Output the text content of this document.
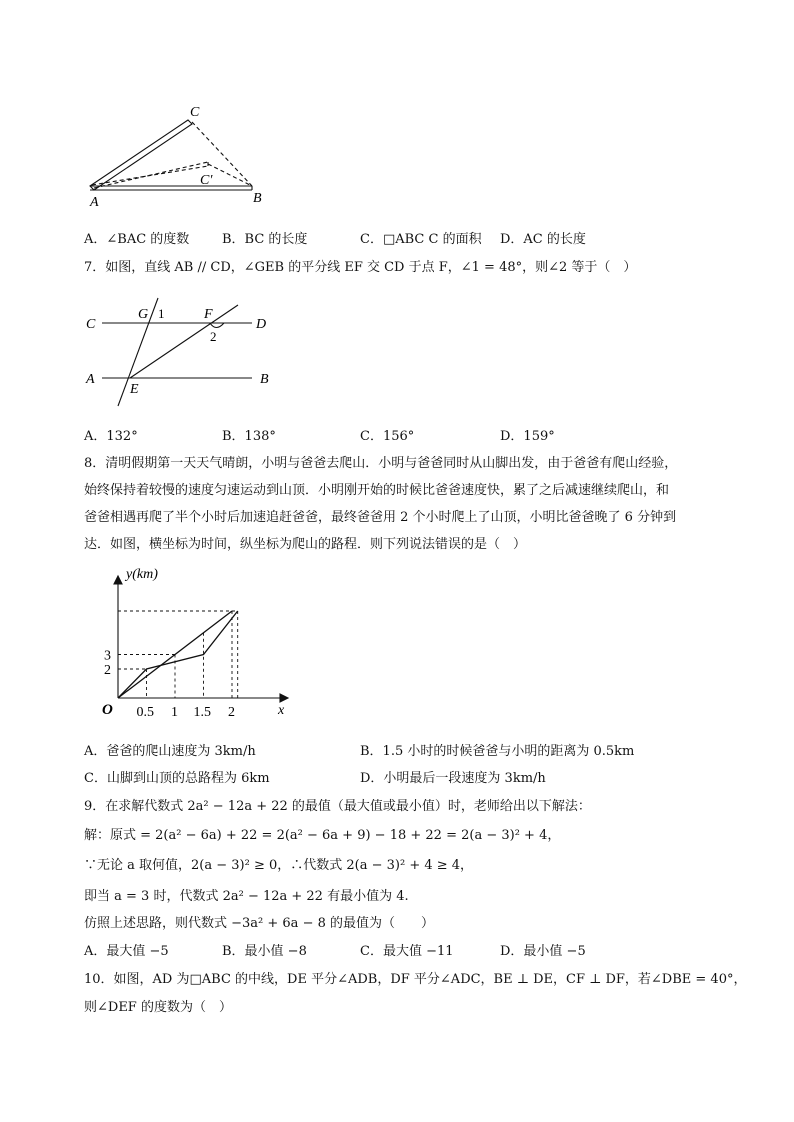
C
C′
A	B
A．∠BAC 的度数	B．BC 的长度	C．□ABC C 的面积 D．AC 的长度
7．如图，直线 AB // CD，∠GEB 的平分线 EF 交 CD 于点 F，∠1 = 48°，则∠2 等于（　）
C
G 1	F
D
2
A
E
B
A．132°	B．138°	C．156°	D．159°
8．清明假期第一天天气晴朗，小明与爸爸去爬山．小明与爸爸同时从山脚出发，由于爸爸有爬山经验，
始终保持着较慢的速度匀速运动到山顶．小明刚开始的时候比爸爸速度快，累了之后减速继续爬山，和
爸爸相遇再爬了半个小时后加速追赶爸爸，最终爸爸用 2 个小时爬上了山顶，小明比爸爸晚了 6 分钟到
达．如图，横坐标为时间，纵坐标为爬山的路程．则下列说法错误的是（　）
0.5 1 1.5 2
2
3
y(km)
x
O
A．爸爸的爬山速度为 3km/h	B．1.5 小时的时候爸爸与小明的距离为 0.5km
C．山脚到山顶的总路程为 6km	D．小明最后一段速度为 3km/h
9．在求解代数式 2a² − 12a + 22 的最值（最大值或最小值）时，老师给出以下解法：
解：原式 = 2(a² − 6a) + 22 = 2(a² − 6a + 9) − 18 + 22 = 2(a − 3)² + 4，
∵无论 a 取何值，2(a − 3)² ≥ 0，∴代数式 2(a − 3)² + 4 ≥ 4，
即当 a = 3 时，代数式 2a² − 12a + 22 有最小值为 4.
仿照上述思路，则代数式 −3a² + 6a − 8 的最值为（　　）
A．最大值 −5	B．最小值 −8	C．最大值 −11	D．最小值 −5
10．如图，AD 为□ABC 的中线，DE 平分∠ADB，DF 平分∠ADC，BE ⊥ DE，CF ⊥ DF，若∠DBE = 40°，
则∠DEF 的度数为（　）
